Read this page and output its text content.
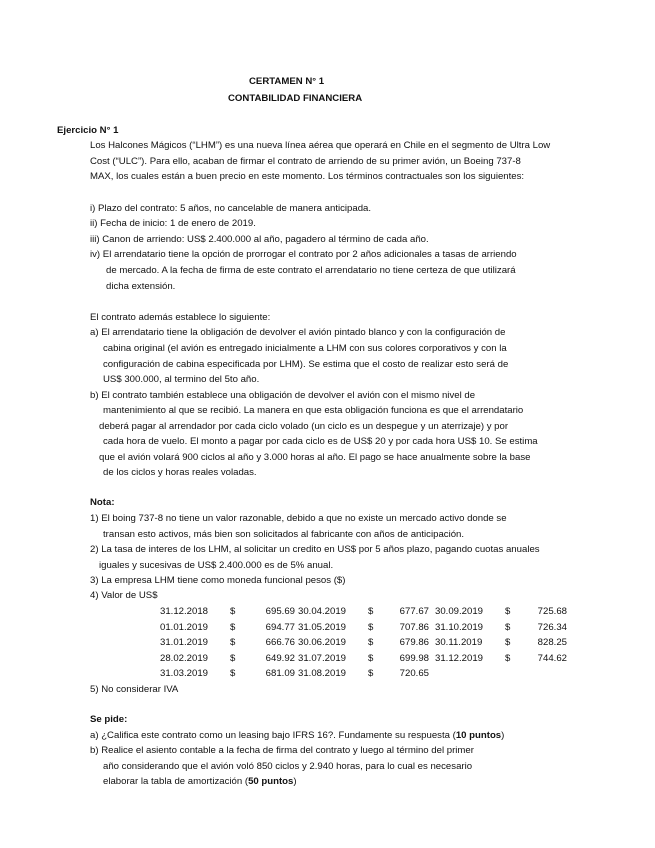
CERTAMEN N° 1
CONTABILIDAD FINANCIERA
Ejercicio N° 1
Los Halcones Mágicos (“LHM”) es una nueva línea aérea que operará en Chile en el segmento de Ultra Low
Cost (“ULC”). Para ello, acaban de firmar el contrato de arriendo de su primer avión, un Boeing 737-8
MAX, los cuales están a buen precio en este momento. Los términos contractuales son los siguientes:
i) Plazo del contrato: 5 años, no cancelable de manera anticipada.
ii) Fecha de inicio: 1 de enero de 2019.
iii) Canon de arriendo: US$ 2.400.000 al año, pagadero al término de cada año.
iv) El arrendatario tiene la opción de prorrogar el contrato por 2 años adicionales a tasas de arriendo
de mercado. A la fecha de firma de este contrato el arrendatario no tiene certeza de que utilizará
dicha extensión.
El contrato además establece lo siguiente:
a) El arrendatario tiene la obligación de devolver el avión pintado blanco y con la configuración de
cabina original (el avión es entregado inicialmente a LHM con sus colores corporativos y con la
configuración de cabina especificada por LHM). Se estima que el costo de realizar esto será de
US$ 300.000, al termino del 5to año.
b) El contrato también establece una obligación de devolver el avión con el mismo nivel de
mantenimiento al que se recibió. La manera en que esta obligación funciona es que el arrendatario
deberá pagar al arrendador por cada ciclo volado (un ciclo es un despegue y un aterrizaje) y por
cada hora de vuelo. El monto a pagar por cada ciclo es de US$ 20 y por cada hora US$ 10. Se estima
que el avión volará 900 ciclos al año y 3.000 horas al año. El pago se hace anualmente sobre la base
de los ciclos y horas reales voladas.
Nota:
1) El boing 737-8 no tiene un valor razonable, debido a que no existe un mercado activo donde se
transan esto activos, más bien son solicitados al fabricante con años de anticipación.
2) La tasa de interes de los LHM, al solicitar un credito en US$ por 5 años plazo, pagando cuotas anuales
iguales y sucesivas de US$ 2.400.000 es de 5% anual.
3) La empresa LHM tiene como moneda funcional pesos ($)
4) Valor de US$
31.12.2018 $	695.69
01.01.2019 $	694.77
31.01.2019 $	666.76
28.02.2019 $	649.92
31.03.2019 $	681.09
30.04.2019 $	677.67
31.05.2019 $	707.86
30.06.2019 $	679.86
31.07.2019 $	699.98
31.08.2019 $	720.65
30.09.2019 $	725.68
31.10.2019 $	726.34
30.11.2019 $	828.25
31.12.2019 $	744.62
5) No considerar IVA
Se pide:
a) ¿Califica este contrato como un leasing bajo IFRS 16?. Fundamente su respuesta (10 puntos)
b) Realice el asiento contable a la fecha de firma del contrato y luego al término del primer
año considerando que el avión voló 850 ciclos y 2.940 horas, para lo cual es necesario
elaborar la tabla de amortización (50 puntos)
